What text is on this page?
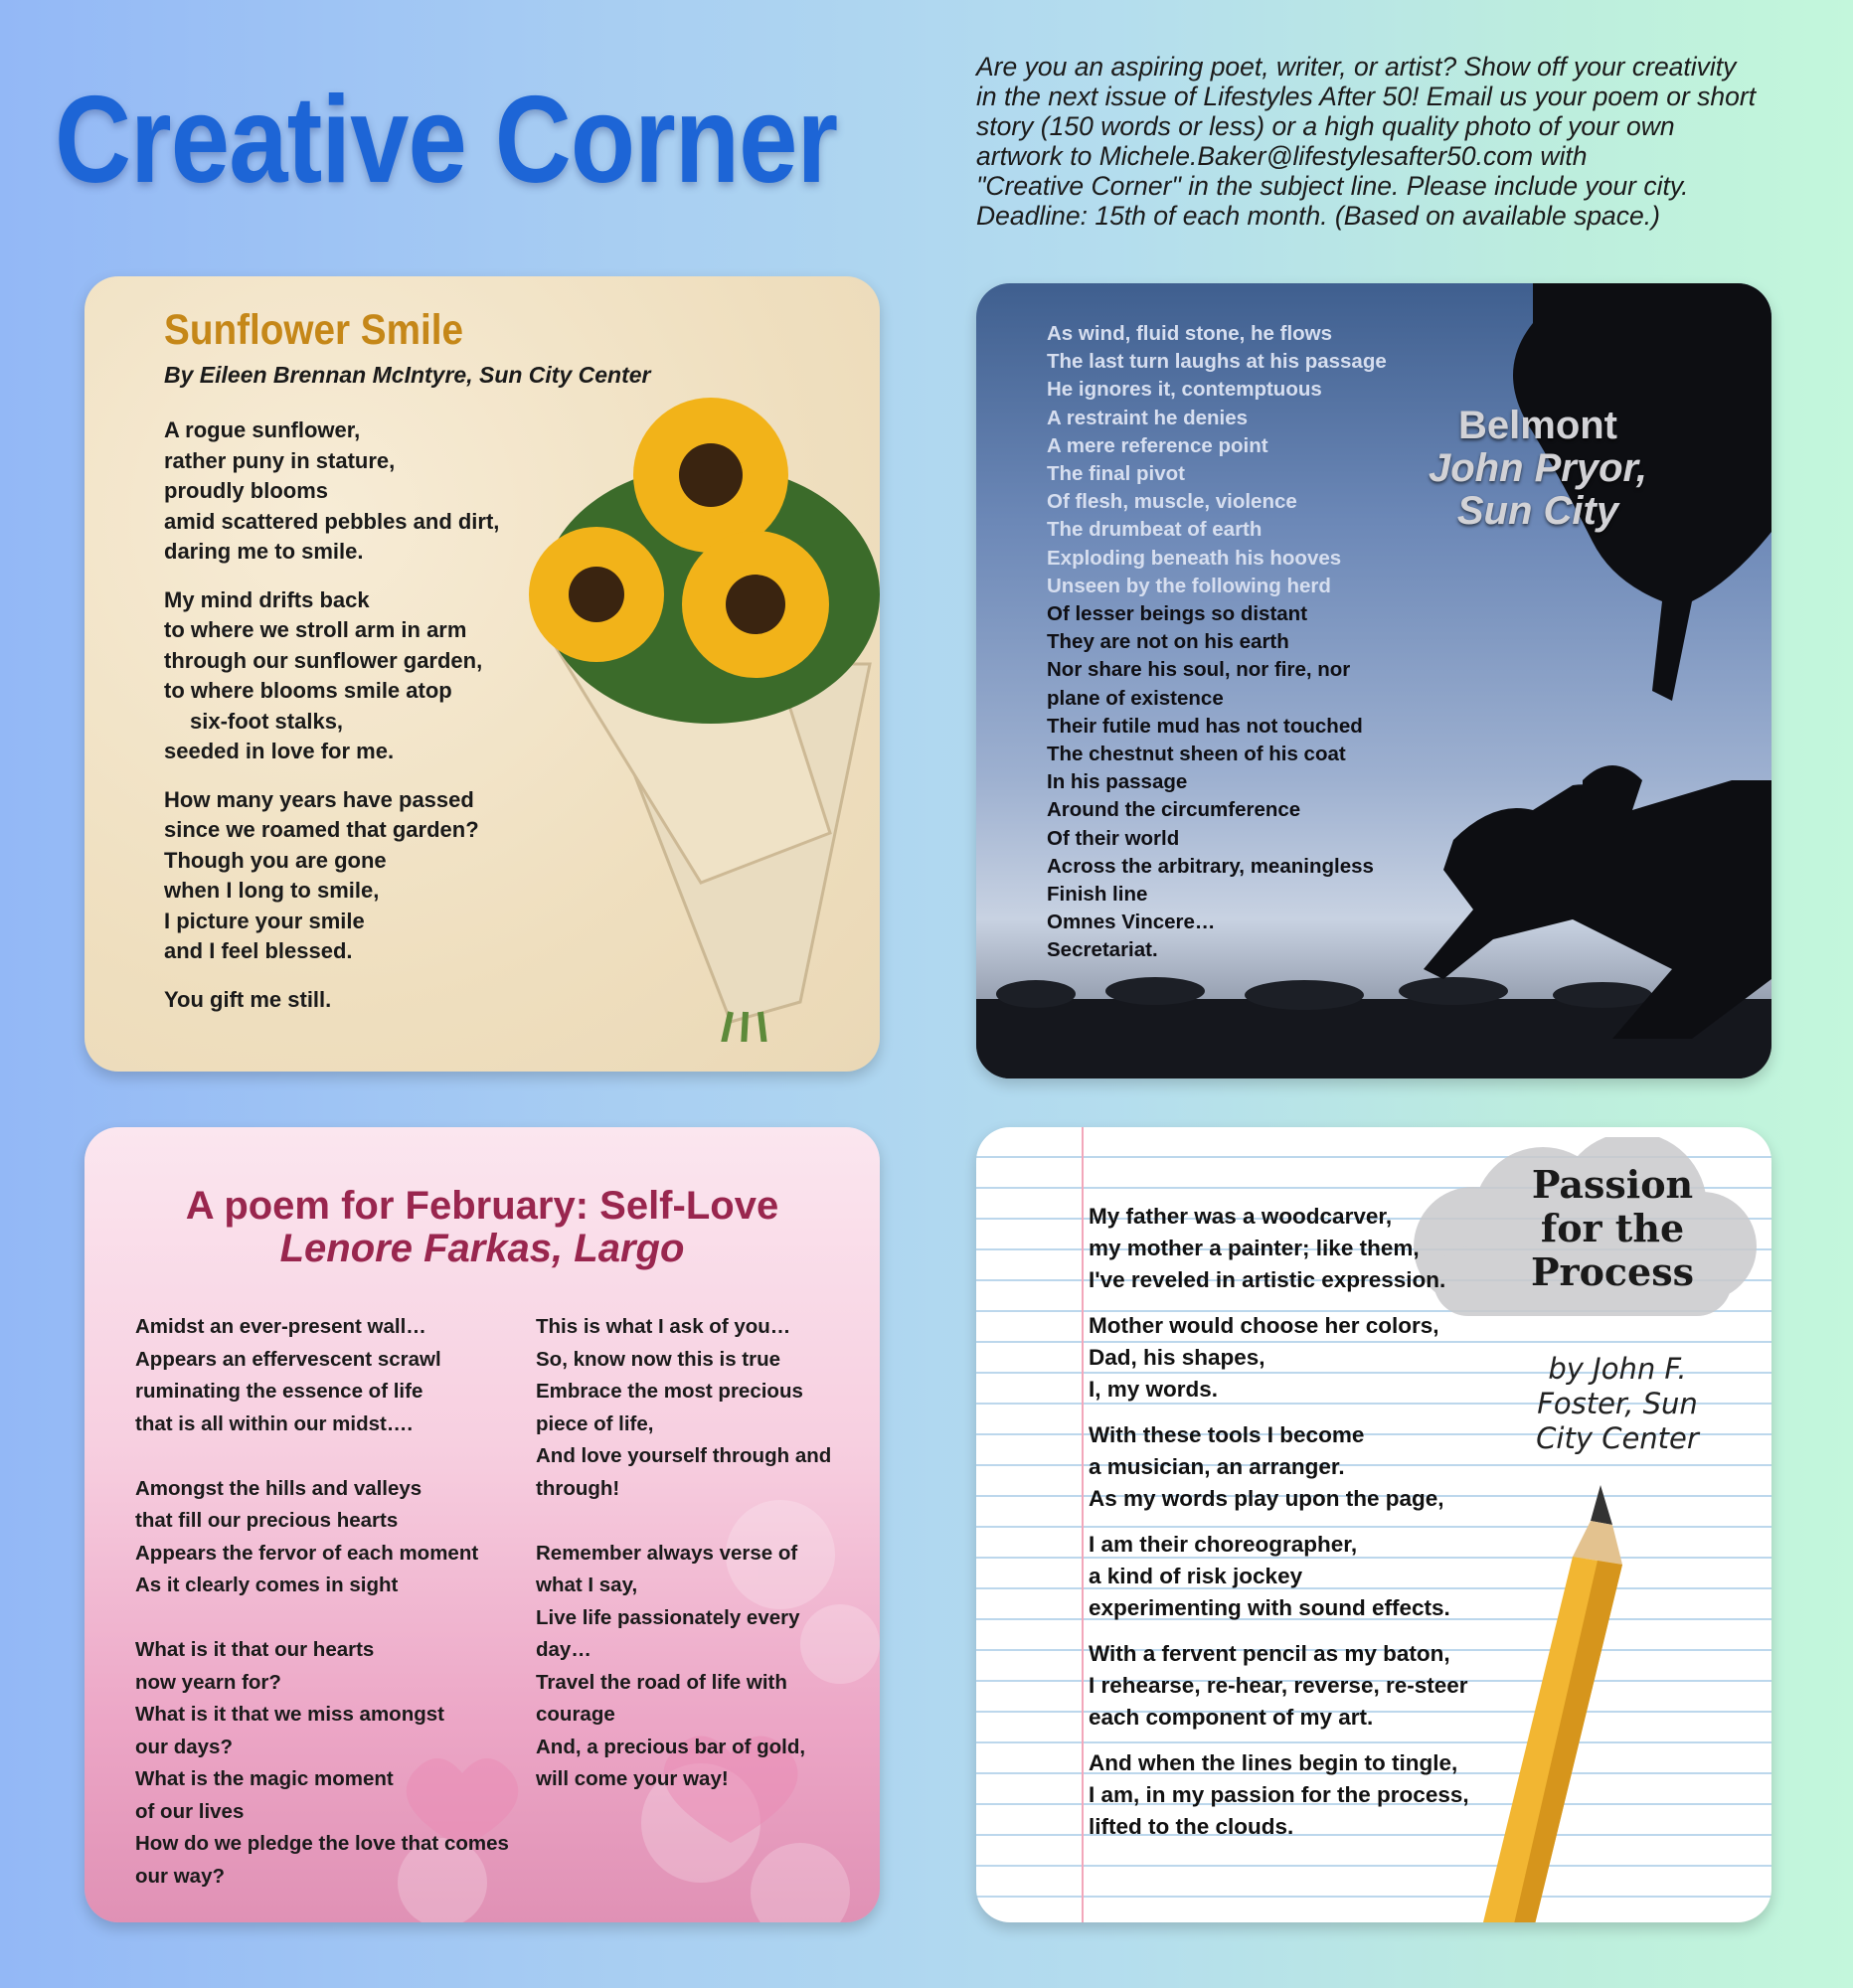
Creative Corner
Are you an aspiring poet, writer, or artist? Show off your creativity
in the next issue of Lifestyles After 50! Email us your poem or short
story (150 words or less) or a high quality photo of your own
artwork to Michele.Baker@lifestylesafter50.com with
"Creative Corner" in the subject line. Please include your city.
Deadline: 15th of each month. (Based on available space.)
Sunflower Smile
By Eileen Brennan McIntyre, Sun City Center
A rogue sunflower,
rather puny in stature,
proudly blooms
amid scattered pebbles and dirt,
daring me to smile.
My mind drifts back
to where we stroll arm in arm
through our sunflower garden,
to where blooms smile atop
six-foot stalks,
seeded in love for me.
How many years have passed
since we roamed that garden?
Though you are gone
when I long to smile,
I picture your smile
and I feel blessed.
You gift me still.
Belmont
John Pryor,
Sun City
As wind, fluid stone, he flows
The last turn laughs at his passage
He ignores it, contemptuous
A restraint he denies
A mere reference point
The final pivot
Of flesh, muscle, violence
The drumbeat of earth
Exploding beneath his hooves
Unseen by the following herd
Of lesser beings so distant
They are not on his earth
Nor share his soul, nor fire, nor
plane of existence
Their futile mud has not touched
The chestnut sheen of his coat
In his passage
Around the circumference
Of their world
Across the arbitrary, meaningless
Finish line
Omnes Vincere…
Secretariat.
A poem for February: Self-Love
Lenore Farkas, Largo
Amidst an ever-present wall…
Appears an effervescent scrawl
ruminating the essence of life
that is all within our midst….
Amongst the hills and valleys
that fill our precious hearts
Appears the fervor of each moment
As it clearly comes in sight
What is it that our hearts
now yearn for?
What is it that we miss amongst
our days?
What is the magic moment
of our lives
How do we pledge the love that comes
our way?
This is what I ask of you…
So, know now this is true
Embrace the most precious
piece of life,
And love yourself through and
through!
Remember always verse of
what I say,
Live life passionately every
day…
Travel the road of life with
courage
And, a precious bar of gold,
will come your way!
Passion
for the
Process
by John F.
Foster, Sun
City Center
My father was a woodcarver,
my mother a painter; like them,
I've reveled in artistic expression.
Mother would choose her colors,
Dad, his shapes,
I, my words.
With these tools I become
a musician, an arranger.
As my words play upon the page,
I am their choreographer,
a kind of risk jockey
experimenting with sound effects.
With a fervent pencil as my baton,
I rehearse, re-hear, reverse, re-steer
each component of my art.
And when the lines begin to tingle,
I am, in my passion for the process,
lifted to the clouds.
